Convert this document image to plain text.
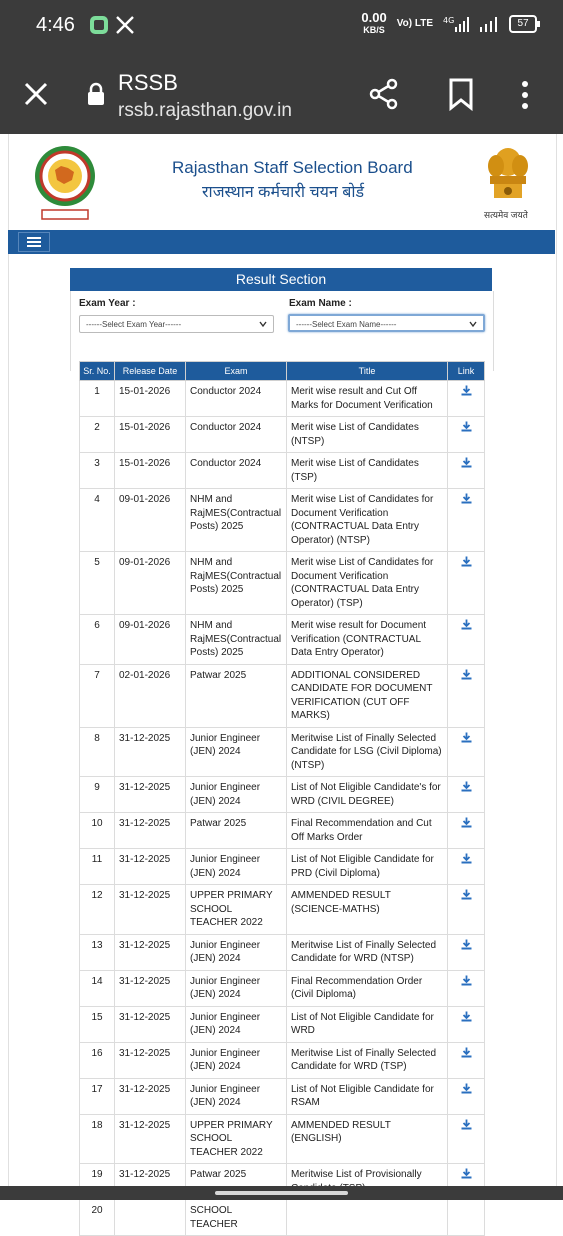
4:46	0.00
KB/S
Vo) LTE 4G	57
RSSB
rssb.rajasthan.gov.in
Rajasthan Staff Selection Board
राजस्थान कर्मचारी चयन बोर्ड
सत्यमेव जयते
Result Section
Exam Year :
------Select Exam Year------
Exam Name :
------Select Exam Name------
Sr. No.	Release Date	Exam	Title	Link
1	15-01-2026	Conductor 2024	Merit wise result and Cut Off Marks for Document Verification	
2	15-01-2026	Conductor 2024	Merit wise List of Candidates (NTSP)	
3	15-01-2026	Conductor 2024	Merit wise List of Candidates (TSP)	
4	09-01-2026	NHM and RajMES(Contractual Posts) 2025	Merit wise List of Candidates for Document Verification (CONTRACTUAL Data Entry Operator) (NTSP)	
5	09-01-2026	NHM and RajMES(Contractual Posts) 2025	Merit wise List of Candidates for Document Verification (CONTRACTUAL Data Entry Operator) (TSP)	
6	09-01-2026	NHM and RajMES(Contractual Posts) 2025	Merit wise result for Document Verification (CONTRACTUAL Data Entry Operator)	
7	02-01-2026	Patwar 2025	ADDITIONAL CONSIDERED CANDIDATE FOR DOCUMENT VERIFICATION (CUT OFF MARKS)	
8	31-12-2025	Junior Engineer (JEN) 2024	Meritwise List of Finally Selected Candidate for LSG (Civil Diploma) (NTSP)	
9	31-12-2025	Junior Engineer (JEN) 2024	List of Not Eligible Candidate's for WRD (CIVIL DEGREE)	
10	31-12-2025	Patwar 2025	Final Recommendation and Cut Off Marks Order	
11	31-12-2025	Junior Engineer (JEN) 2024	List of Not Eligible Candidate for PRD (Civil Diploma)	
12	31-12-2025	UPPER PRIMARY SCHOOL TEACHER 2022	AMMENDED RESULT (SCIENCE-MATHS)	
13	31-12-2025	Junior Engineer (JEN) 2024	Meritwise List of Finally Selected Candidate for WRD (NTSP)	
14	31-12-2025	Junior Engineer (JEN) 2024	Final Recommendation Order (Civil Diploma)	
15	31-12-2025	Junior Engineer (JEN) 2024	List of Not Eligible Candidate for WRD	
16	31-12-2025	Junior Engineer (JEN) 2024	Meritwise List of Finally Selected Candidate for WRD (TSP)	
17	31-12-2025	Junior Engineer (JEN) 2024	List of Not Eligible Candidate for RSAM	
18	31-12-2025	UPPER PRIMARY SCHOOL TEACHER 2022	AMMENDED RESULT (ENGLISH)	
19	31-12-2025	Patwar 2025	Meritwise List of Provisionally	
20		SCHOOL TEACHER		
